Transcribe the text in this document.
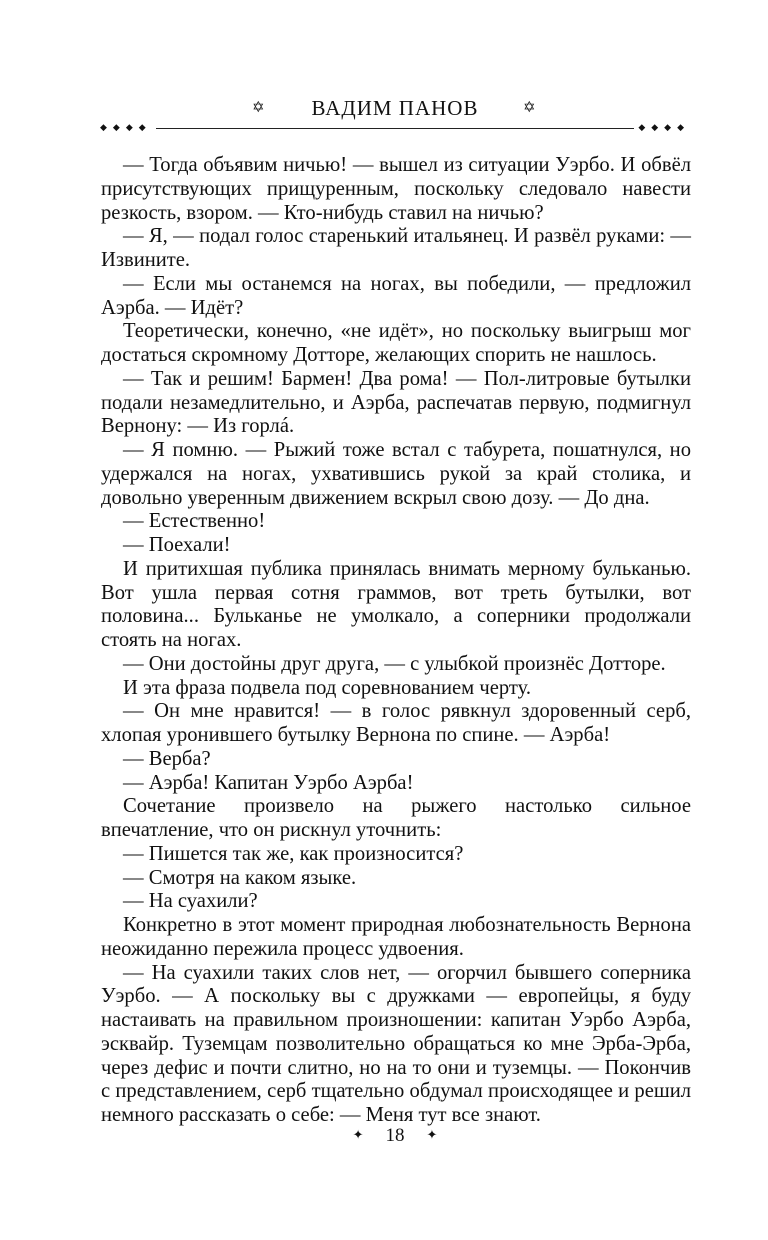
✡	ВАДИМ ПАНОВ	✡
◆◆◆◆	◆◆◆◆

— Тогда объявим ничью! — вышел из ситуации Уэрбо. И обвёл присутствующих прищуренным, поскольку следовало навести резкость, взором. — Кто-нибудь ставил на ничью?

— Я, — подал голос старенький итальянец. И развёл руками: — Извините.

— Если мы останемся на ногах, вы победили, — предложил Аэрба. — Идёт?

Теоретически, конечно, «не идёт», но поскольку выигрыш мог достаться скромному Дотторе, желающих спорить не нашлось.

— Так и решим! Бармен! Два рома! — Пол-литровые бутылки подали незамедлительно, и Аэрба, распечатав первую, подмигнул Вернону: — Из горлá.

— Я помню. — Рыжий тоже встал с табурета, пошатнулся, но удержался на ногах, ухватившись рукой за край столика, и довольно уверенным движением вскрыл свою дозу. — До дна.

— Естественно!

— Поехали!

И притихшая публика принялась внимать мерному бульканью. Вот ушла первая сотня граммов, вот треть бутылки, вот половина... Бульканье не умолкало, а соперники продолжали стоять на ногах.

— Они достойны друг друга, — с улыбкой произнёс Дотторе.

И эта фраза подвела под соревнованием черту.

— Он мне нравится! — в голос рявкнул здоровенный серб, хлопая уронившего бутылку Вернона по спине. — Аэрба!

— Верба?

— Аэрба! Капитан Уэрбо Аэрба!

Сочетание произвело на рыжего настолько сильное впечатление, что он рискнул уточнить:

— Пишется так же, как произносится?

— Смотря на каком языке.

— На суахили?

Конкретно в этот момент природная любознательность Вернона неожиданно пережила процесс удвоения.

— На суахили таких слов нет, — огорчил бывшего соперника Уэрбо. — А поскольку вы с дружками — европейцы, я буду настаивать на правильном произношении: капитан Уэрбо Аэрба, эсквайр. Туземцам позволительно обращаться ко мне Эрба-Эрба, через дефис и почти слитно, но на то они и туземцы. — Покончив с представлением, серб тщательно обдумал происходящее и решил немного рассказать о себе: — Меня тут все знают.

✦ 18 ✦
